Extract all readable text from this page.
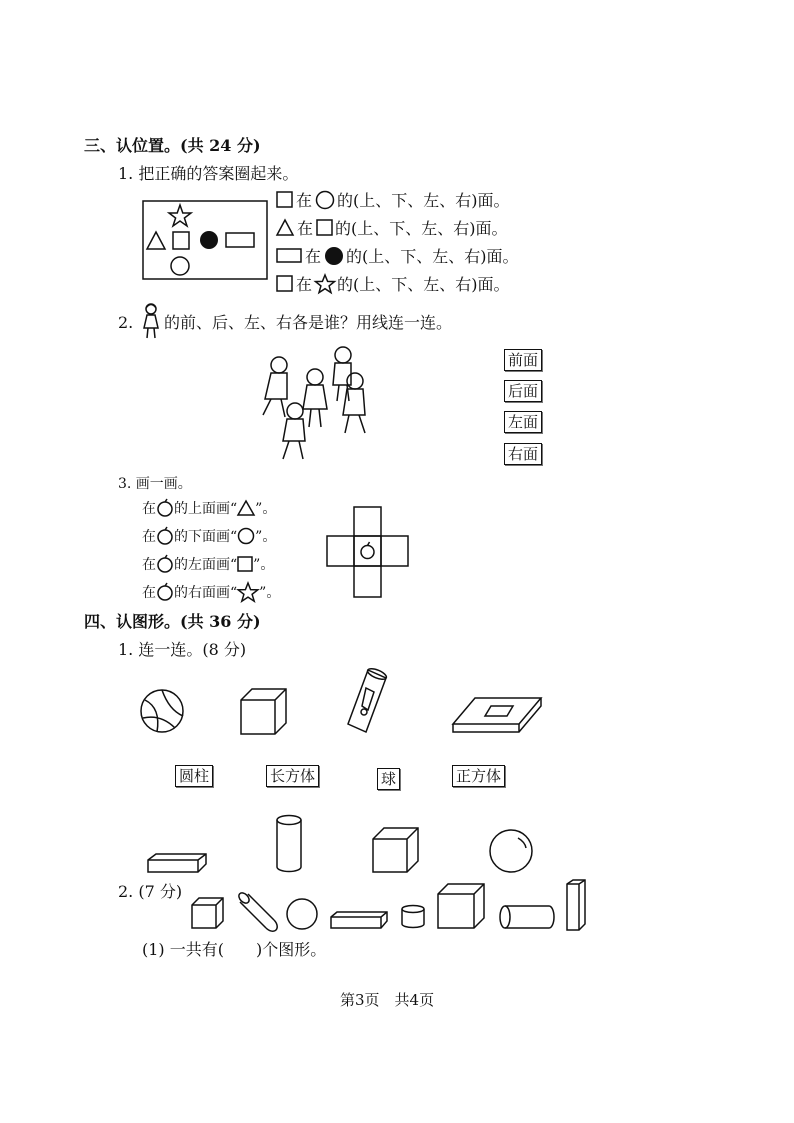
三、认位置。(共 24 分)
1. 把正确的答案圈起来。
在 的(上、下、左、右)面。
在 的(上、下、左、右)面。
在 的(上、下、左、右)面。
在 的(上、下、左、右)面。
2. 的前、后、左、右各是谁？用线连一连。
前面
后面
左面
右面
3. 画一画。
在 的上面画“ ”。
在 的下面画“ ”。
在 的左面画“ ”。
在 的右面画“ ”。
四、认图形。(共 36 分)
1. 连一连。(8 分)
圆柱	长方体	球	正方体
2. (7 分)
(1) 一共有(　　)个图形。
第3页　共4页
